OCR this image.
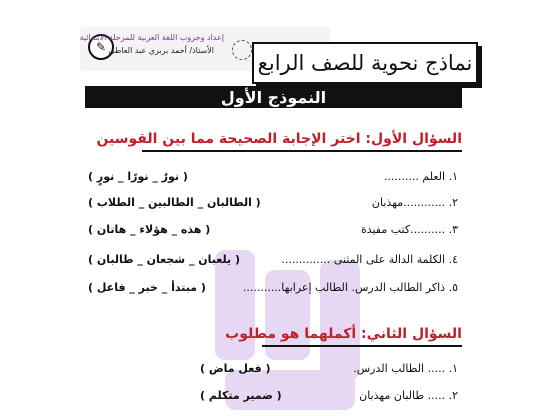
✎
إعداد وجروب اللغة العربية للمرحلة الابتدائية
الأستاذ/ أحمد بربري عبد العاطي
نماذج نحوية للصف الرابع
النموذج الأول
السؤال الأول: اختر الإجابة الصحيحة مما بين القوسين
١. العلم ..........
( نورٌ _ نورًا _ نورٍ )
٢. ............مهذبان
( الطالبان _ الطالبين _ الطلاب )
٣. ..........كتب مفيدة
( هذه _ هؤلاء _ هاتان )
٤. الكلمة الدالة على المثنى ..............
( يلعبان _ شجعان _ طالبان )
٥. ذاكر الطالب الدرس. الطالب إعرابها...........
( مبتدأ _ خبر _ فاعل )
السؤال الثاني: أكملهما هو مطلوب
١. ..... الطالب الدرس.
( فعل ماض )
٢. ..... طالبان مهذبان
( ضمير متكلم )
